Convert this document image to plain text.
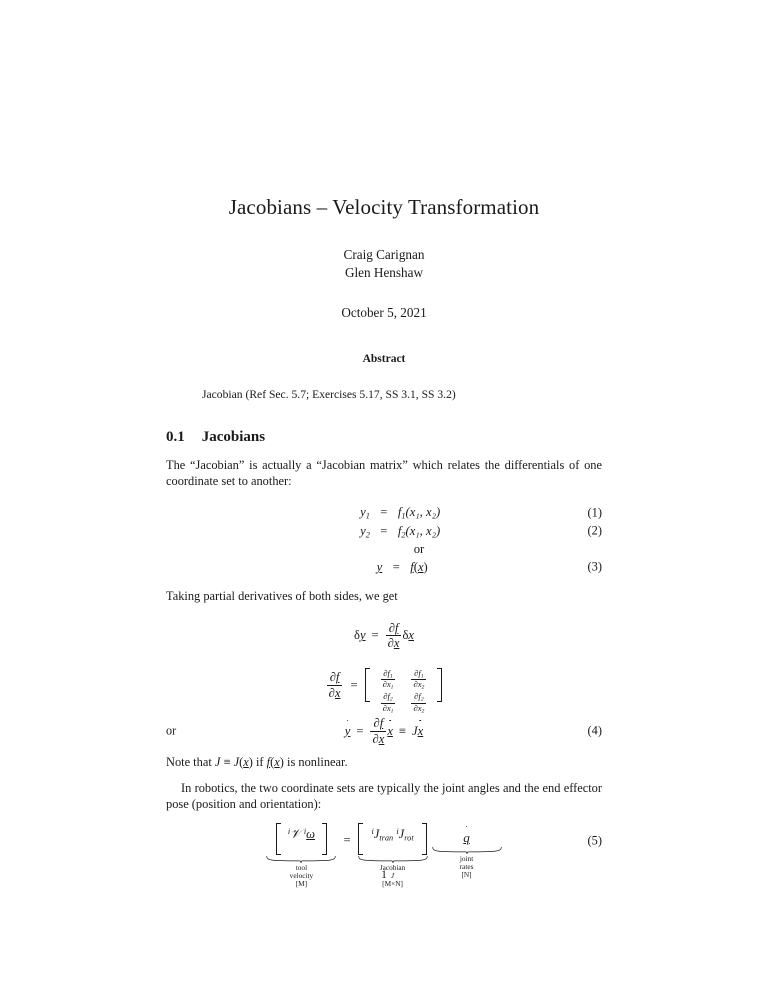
Jacobians – Velocity Transformation
Craig Carignan
Glen Henshaw
October 5, 2021
Abstract
Jacobian (Ref Sec. 5.7; Exercises 5.17, SS 3.1, SS 3.2)
0.1 Jacobians

The “Jacobian” is actually a “Jacobian matrix” which relates the differentials of one coordinate set to another:

$y_1$	=	$f_1(x_1$, x₂)	(1)
$y_2$	=	$f_2(x_1$, x₂)	(2)
		or
y	=	f(x)	(3)

Taking partial derivatives of both sides, we get

$\delta y = \frac{\partial f}{\partial x}$ δx
$\frac{\partial f}{\partial x}$ =	$\frac{\partial f_1}{\partial x_1}$	$\frac{\partial f_1}{\partial x_2}$

$\frac{\partial f_2}{\partial x_1}$	$\frac{\partial f_2}{\partial x_2}$
or	$y = \frac{\partial f}{\partial x}$ x ≡ J x	(4)

Note that J ≡ J(x) if f(x) is nonlinear.

In robotics, the two coordinate sets are typically the joint angles and the end effector pose (position and orientation):

$^i$𝒱 $^i$ω
tool
velocity
[M]
=
$^iJ_{tran}$ $^iJ_{rot}$
Jacobian
J
[M×N]
q
joint
rates
[N]
(5)
1
